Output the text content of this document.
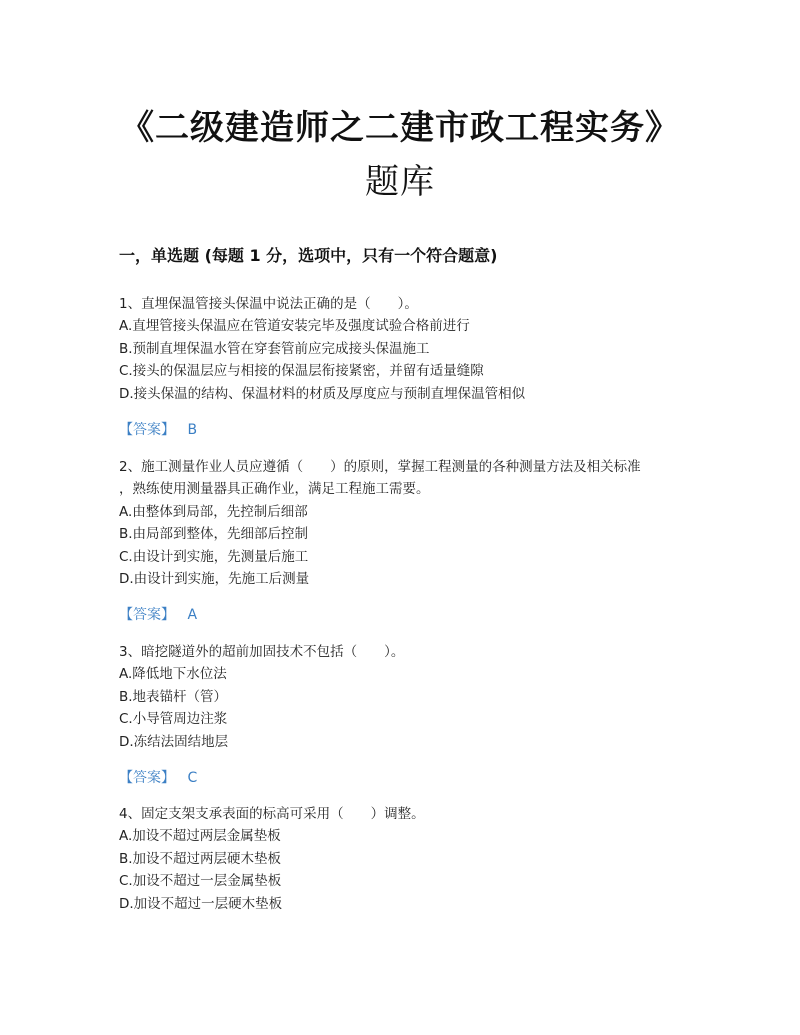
《二级建造师之二建市政工程实务》
题库
一，单选题 (每题 1 分，选项中，只有一个符合题意)
1、直埋保温管接头保温中说法正确的是（　　）。
A.直埋管接头保温应在管道安装完毕及强度试验合格前进行
B.预制直埋保温水管在穿套管前应完成接头保温施工
C.接头的保温层应与相接的保温层衔接紧密，并留有适量缝隙
D.接头保温的结构、保温材料的材质及厚度应与预制直埋保温管相似
【答案】 B
2、施工测量作业人员应遵循（　　）的原则，掌握工程测量的各种测量方法及相关标准
，熟练使用测量器具正确作业，满足工程施工需要。
A.由整体到局部，先控制后细部
B.由局部到整体，先细部后控制
C.由设计到实施，先测量后施工
D.由设计到实施，先施工后测量
【答案】 A
3、暗挖隧道外的超前加固技术不包括（　　）。
A.降低地下水位法
B.地表锚杆（管）
C.小导管周边注浆
D.冻结法固结地层
【答案】 C
4、固定支架支承表面的标高可采用（　　）调整。
A.加设不超过两层金属垫板
B.加设不超过两层硬木垫板
C.加设不超过一层金属垫板
D.加设不超过一层硬木垫板
